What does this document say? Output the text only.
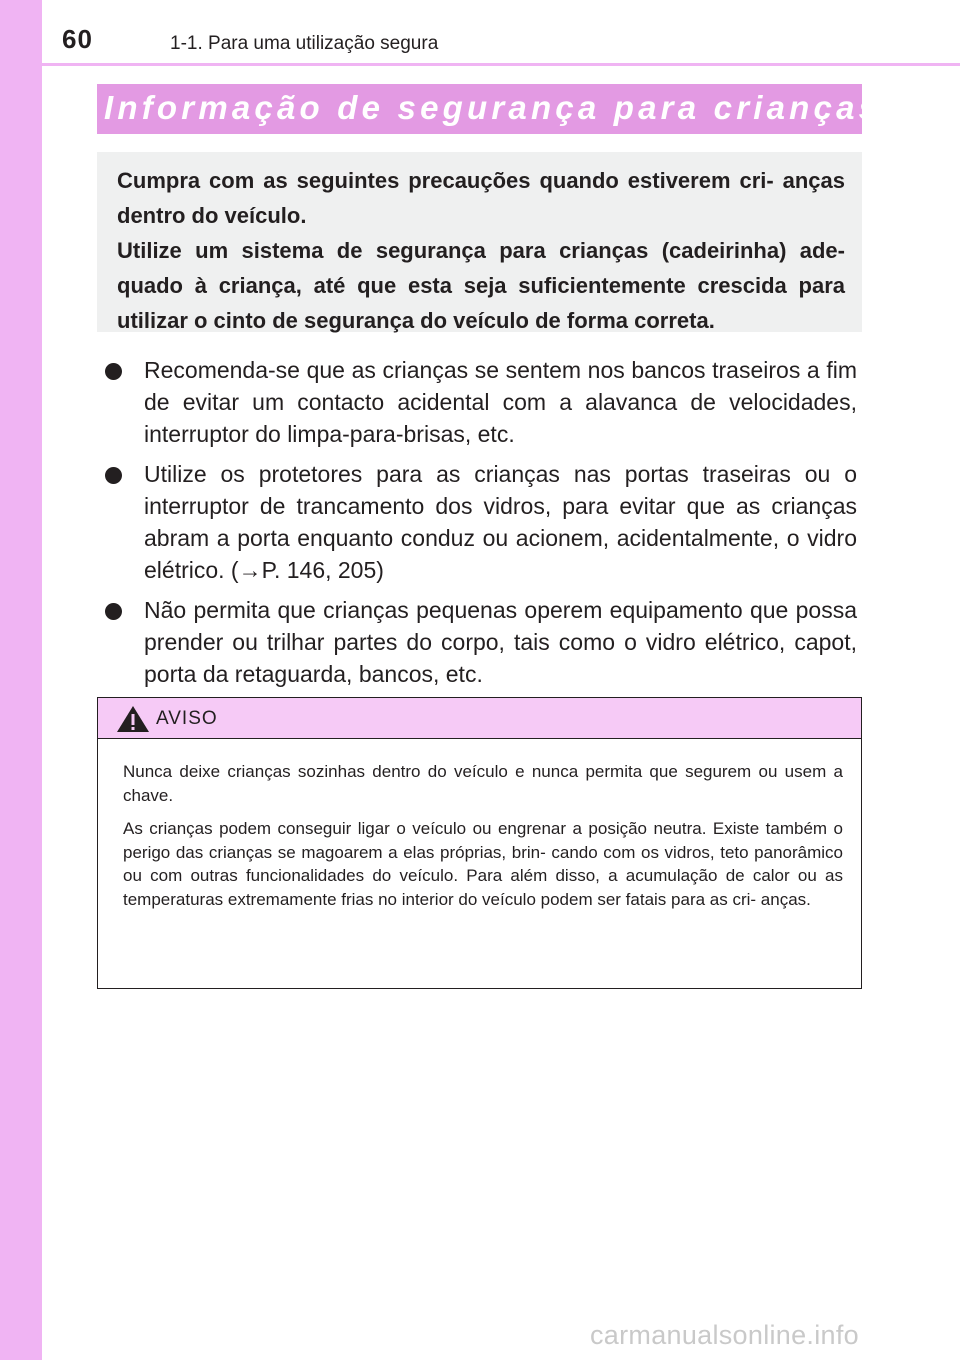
60	1-1. Para uma utilização segura
Informação de segurança para crianças

Cumpra com as seguintes precauções quando estiverem cri- anças dentro do veículo.

Utilize um sistema de segurança para crianças (cadeirinha) ade- quado à criança, até que esta seja suficientemente crescida para utilizar o cinto de segurança do veículo de forma correta.

Recomenda-se que as crianças se sentem nos bancos traseiros a fim de evitar um contacto acidental com a alavanca de velocidades, interruptor do limpa-para-brisas, etc.
Utilize os protetores para as crianças nas portas traseiras ou o interruptor de trancamento dos vidros, para evitar que as crianças abram a porta enquanto conduz ou acionem, acidentalmente, o vidro elétrico. (→P. 146, 205)
Não permita que crianças pequenas operem equipamento que possa prender ou trilhar partes do corpo, tais como o vidro elétrico, capot, porta da retaguarda, bancos, etc.
AVISO

Nunca deixe crianças sozinhas dentro do veículo e nunca permita que segurem ou usem a chave.

As crianças podem conseguir ligar o veículo ou engrenar a posição neutra. Existe também o perigo das crianças se magoarem a elas próprias, brin- cando com os vidros, teto panorâmico ou com outras funcionalidades do veículo. Para além disso, a acumulação de calor ou as temperaturas extremamente frias no interior do veículo podem ser fatais para as cri- anças.

carmanualsonline.info
